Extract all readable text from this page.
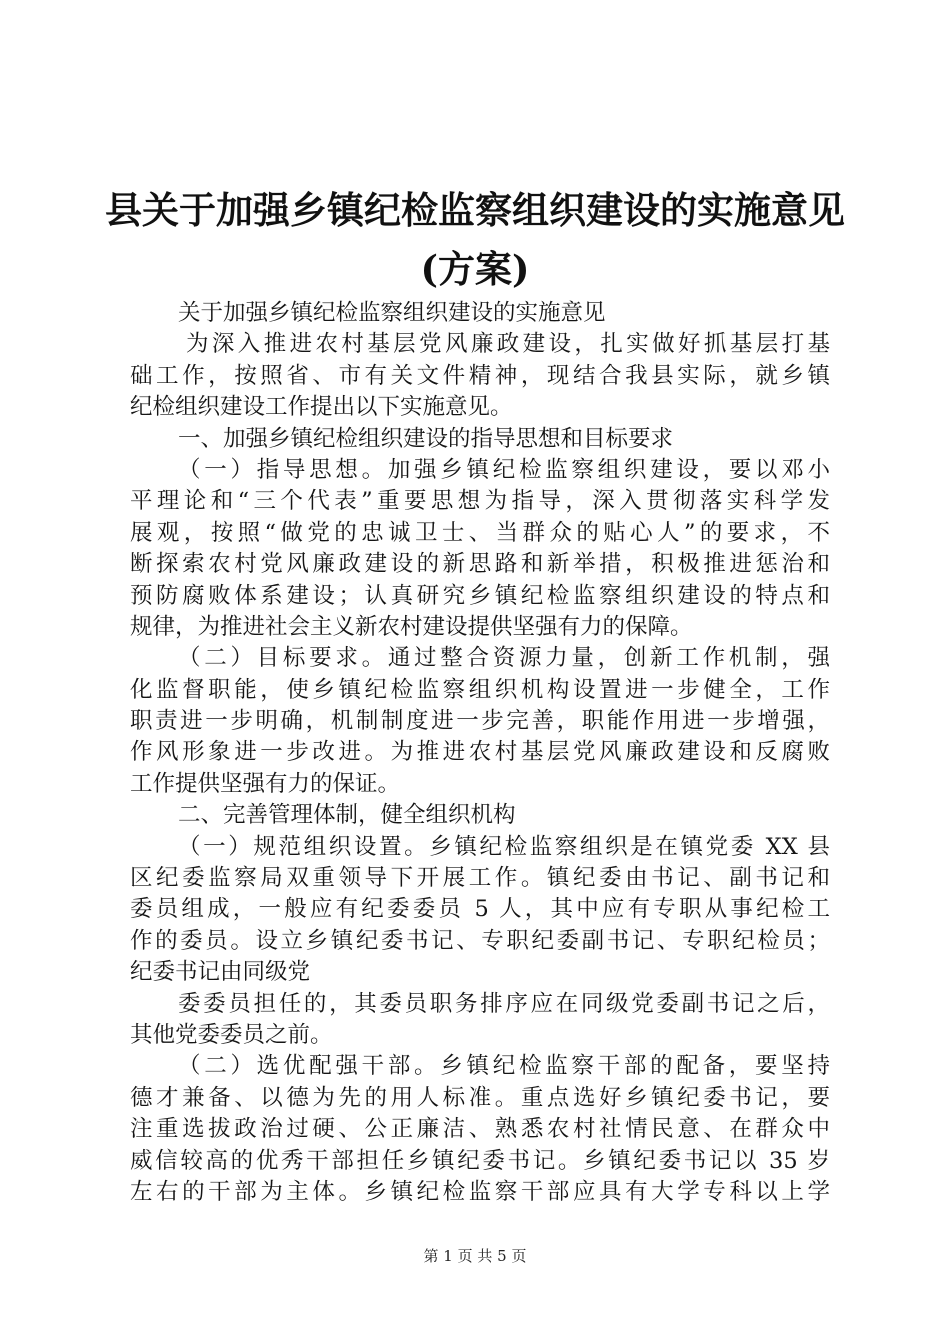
县关于加强乡镇纪检监察组织建设的实施意见
(方案)
关于加强乡镇纪检监察组织建设的实施意见
为深入推进农村基层党风廉政建设，扎实做好抓基层打基
础工作，按照省、市有关文件精神，现结合我县实际，就乡镇
纪检组织建设工作提出以下实施意见。
一、加强乡镇纪检组织建设的指导思想和目标要求
（一）指导思想。加强乡镇纪检监察组织建设，要以邓小
平理论和“三个代表”重要思想为指导，深入贯彻落实科学发
展观，按照“做党的忠诚卫士、当群众的贴心人”的要求，不
断探索农村党风廉政建设的新思路和新举措，积极推进惩治和
预防腐败体系建设；认真研究乡镇纪检监察组织建设的特点和
规律，为推进社会主义新农村建设提供坚强有力的保障。
（二）目标要求。通过整合资源力量，创新工作机制，强
化监督职能，使乡镇纪检监察组织机构设置进一步健全，工作
职责进一步明确，机制制度进一步完善，职能作用进一步增强，
作风形象进一步改进。为推进农村基层党风廉政建设和反腐败
工作提供坚强有力的保证。
二、完善管理体制，健全组织机构
（一）规范组织设置。乡镇纪检监察组织是在镇党委 XX 县
区纪委监察局双重领导下开展工作。镇纪委由书记、副书记和
委员组成，一般应有纪委委员 5 人，其中应有专职从事纪检工
作的委员。设立乡镇纪委书记、专职纪委副书记、专职纪检员；
纪委书记由同级党
委委员担任的，其委员职务排序应在同级党委副书记之后，
其他党委委员之前。
（二）选优配强干部。乡镇纪检监察干部的配备，要坚持
德才兼备、以德为先的用人标准。重点选好乡镇纪委书记，要
注重选拔政治过硬、公正廉洁、熟悉农村社情民意、在群众中
威信较高的优秀干部担任乡镇纪委书记。乡镇纪委书记以 35 岁
左右的干部为主体。乡镇纪检监察干部应具有大学专科以上学
第 1 页 共 5 页
